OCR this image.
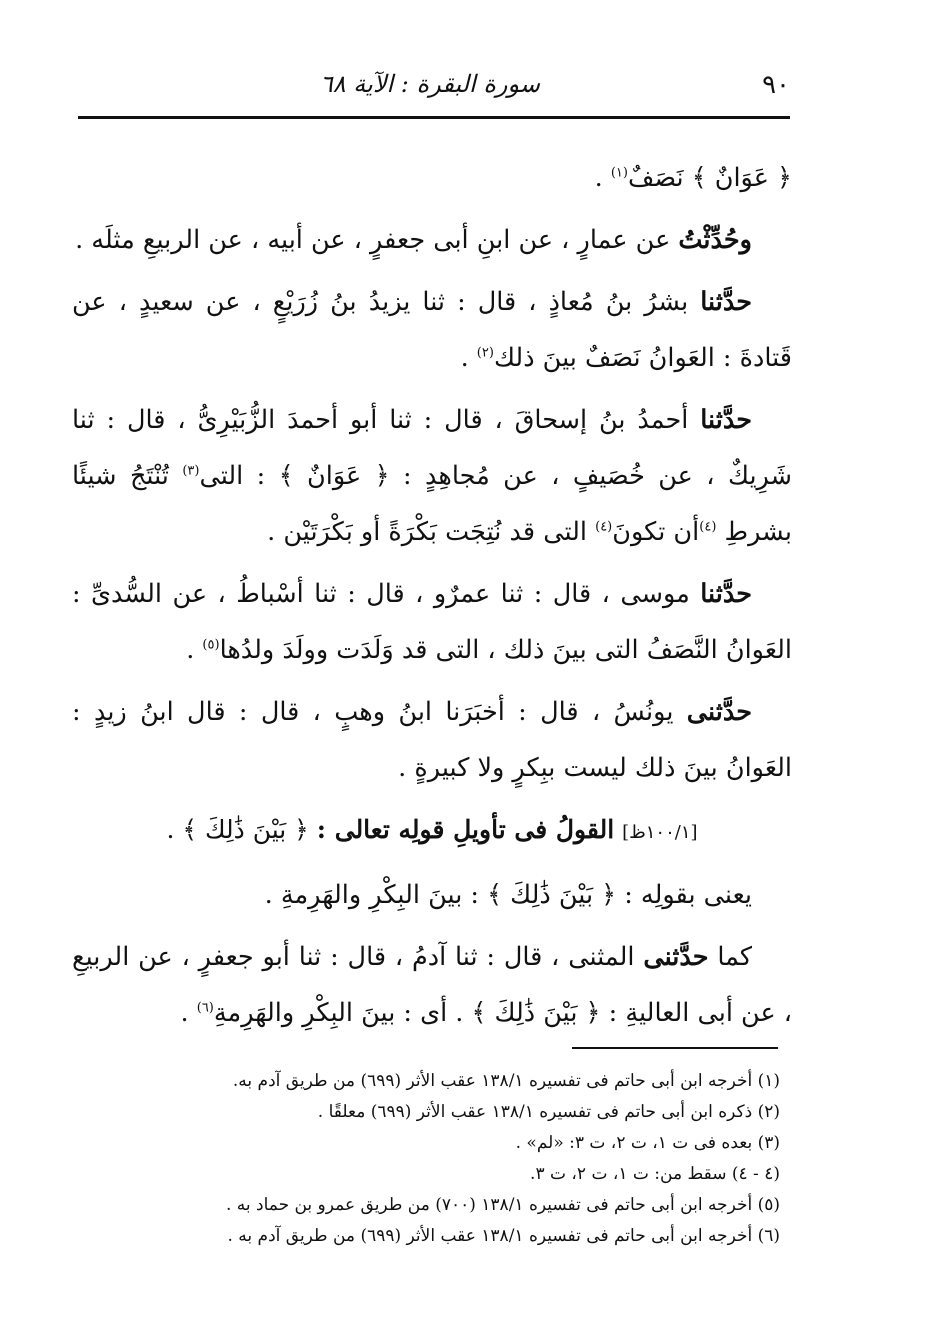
٩٠
سورة البقرة : الآية ٦٨

﴿ عَوَانٌ ﴾ نَصَفٌ$^{(١)}$ .

وحُدِّثْتُ عن عمارٍ ، عن ابنِ أبى جعفرٍ ، عن أبيه ، عن الربيعِ مثلَه .

حدَّثنا بشرُ بنُ مُعاذٍ ، قال : ثنا يزيدُ بنُ زُرَيْعٍ ، عن سعيدٍ ، عن قَتادةَ : العَوانُ نَصَفٌ بينَ ذلك$^{(٢)}$ .

حدَّثنا أحمدُ بنُ إسحاقَ ، قال : ثنا أبو أحمدَ الزُّبَيْرِىُّ ، قال : ثنا شَرِيكٌ ، عن خُصَيفٍ ، عن مُجاهِدٍ : ﴿ عَوَانٌ ﴾ : التى$^{(٣)}$ تُنْتَجُ شيئًا بشرطِ $^{(٤)}$أن تكونَ$^{(٤)}$ التى قد نُتِجَت بَكْرَةً أو بَكْرَتَيْن .

حدَّثنا موسى ، قال : ثنا عمرٌو ، قال : ثنا أسْباطُ ، عن السُّدىِّ : العَوانُ النَّصَفُ التى بينَ ذلك ، التى قد وَلَدَت وولَدَ ولدُها$^{(٥)}$ .

حدَّثنى يونُسُ ، قال : أخبَرَنا ابنُ وهبٍ ، قال : قال ابنُ زيدٍ : العَوانُ بينَ ذلك ليست ببِكرٍ ولا كبيرةٍ .

[١٠٠/١ظ] القولُ فى تأويلِ قولِه تعالى : ﴿ بَيْنَ ذَٰلِكَ ﴾ .

يعنى بقولِه : ﴿ بَيْنَ ذَٰلِكَ ﴾ : بينَ البِكْرِ والهَرِمةِ .

كما حدَّثنى المثنى ، قال : ثنا آدمُ ، قال : ثنا أبو جعفرٍ ، عن الربيعِ ، عن أبى العاليةِ : ﴿ بَيْنَ ذَٰلِكَ ﴾ . أى : بينَ البِكْرِ والهَرِمةِ$^{(٦)}$ .

(١) أخرجه ابن أبى حاتم فى تفسيره ١٣٨/١ عقب الأثر (٦٩٩) من طريق آدم به.

(٢) ذكره ابن أبى حاتم فى تفسيره ١٣٨/١ عقب الأثر (٦٩٩) معلقًا .

(٣) بعده فى ت ١، ت ٢، ت ٣: «لم» .

(٤ - ٤) سقط من: ت ١، ت ٢، ت ٣.

(٥) أخرجه ابن أبى حاتم فى تفسيره ١٣٨/١ (٧٠٠) من طريق عمرو بن حماد به .

(٦) أخرجه ابن أبى حاتم فى تفسيره ١٣٨/١ عقب الأثر (٦٩٩) من طريق آدم به .
